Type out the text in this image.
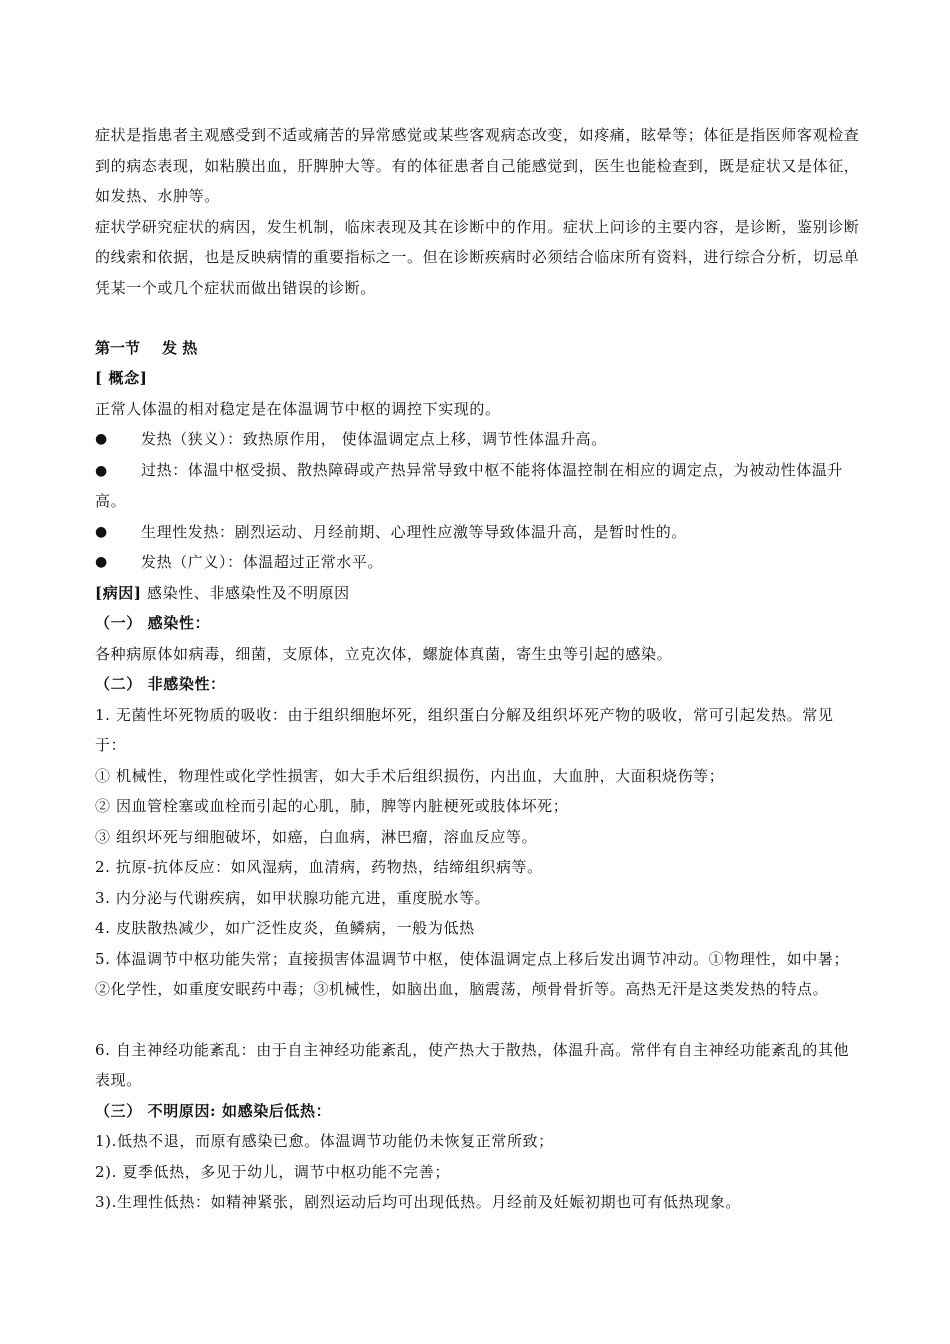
症状是指患者主观感受到不适或痛苦的异常感觉或某些客观病态改变，如疼痛，眩晕等；体征是指医师客观检查到的病态表现，如粘膜出血，肝脾肿大等。有的体征患者自己能感觉到，医生也能检查到，既是症状又是体征，如发热、水肿等。

症状学研究症状的病因，发生机制，临床表现及其在诊断中的作用。症状上问诊的主要内容，是诊断，鉴别诊断的线索和依据，也是反映病情的重要指标之一。但在诊断疾病时必须结合临床所有资料，进行综合分析，切忌单凭某一个或几个症状而做出错误的诊断。

第一节 发 热

[ 概念]

正常人体温的相对稳定是在体温调节中枢的调控下实现的。

●	发热（狭义）：致热原作用， 使体温调定点上移，调节性体温升高。
● 过热：体温中枢受损、散热障碍或产热异常导致中枢不能将体温控制在相应的调定点，为被动性体温升高。
●	生理性发热：剧烈运动、月经前期、心理性应激等导致体温升高，是暂时性的。
●	发热（广义）：体温超过正常水平。

[病因] 感染性、非感染性及不明原因

（一） 感染性：

各种病原体如病毒，细菌，支原体，立克次体，螺旋体真菌，寄生虫等引起的感染。

（二） 非感染性：

1. 无菌性坏死物质的吸收：由于组织细胞坏死，组织蛋白分解及组织坏死产物的吸收，常可引起发热。常见于：

① 机械性，物理性或化学性损害，如大手术后组织损伤，内出血，大血肿，大面积烧伤等；

② 因血管栓塞或血栓而引起的心肌，肺，脾等内脏梗死或肢体坏死；

③ 组织坏死与细胞破坏，如癌，白血病，淋巴瘤，溶血反应等。

2. 抗原-抗体反应：如风湿病，血清病，药物热，结缔组织病等。

3. 内分泌与代谢疾病，如甲状腺功能亢进，重度脱水等。

4. 皮肤散热减少，如广泛性皮炎，鱼鳞病，一般为低热

5. 体温调节中枢功能失常；直接损害体温调节中枢，使体温调定点上移后发出调节冲动。①物理性，如中暑；②化学性，如重度安眠药中毒；③机械性，如脑出血，脑震荡，颅骨骨折等。高热无汗是这类发热的特点。

6. 自主神经功能紊乱：由于自主神经功能紊乱，使产热大于散热，体温升高。常伴有自主神经功能紊乱的其他表现。

（三） 不明原因: 如感染后低热：

1).低热不退，而原有感染已愈。体温调节功能仍未恢复正常所致；

2). 夏季低热，多见于幼儿，调节中枢功能不完善；

3).生理性低热：如精神紧张，剧烈运动后均可出现低热。月经前及妊娠初期也可有低热现象。
